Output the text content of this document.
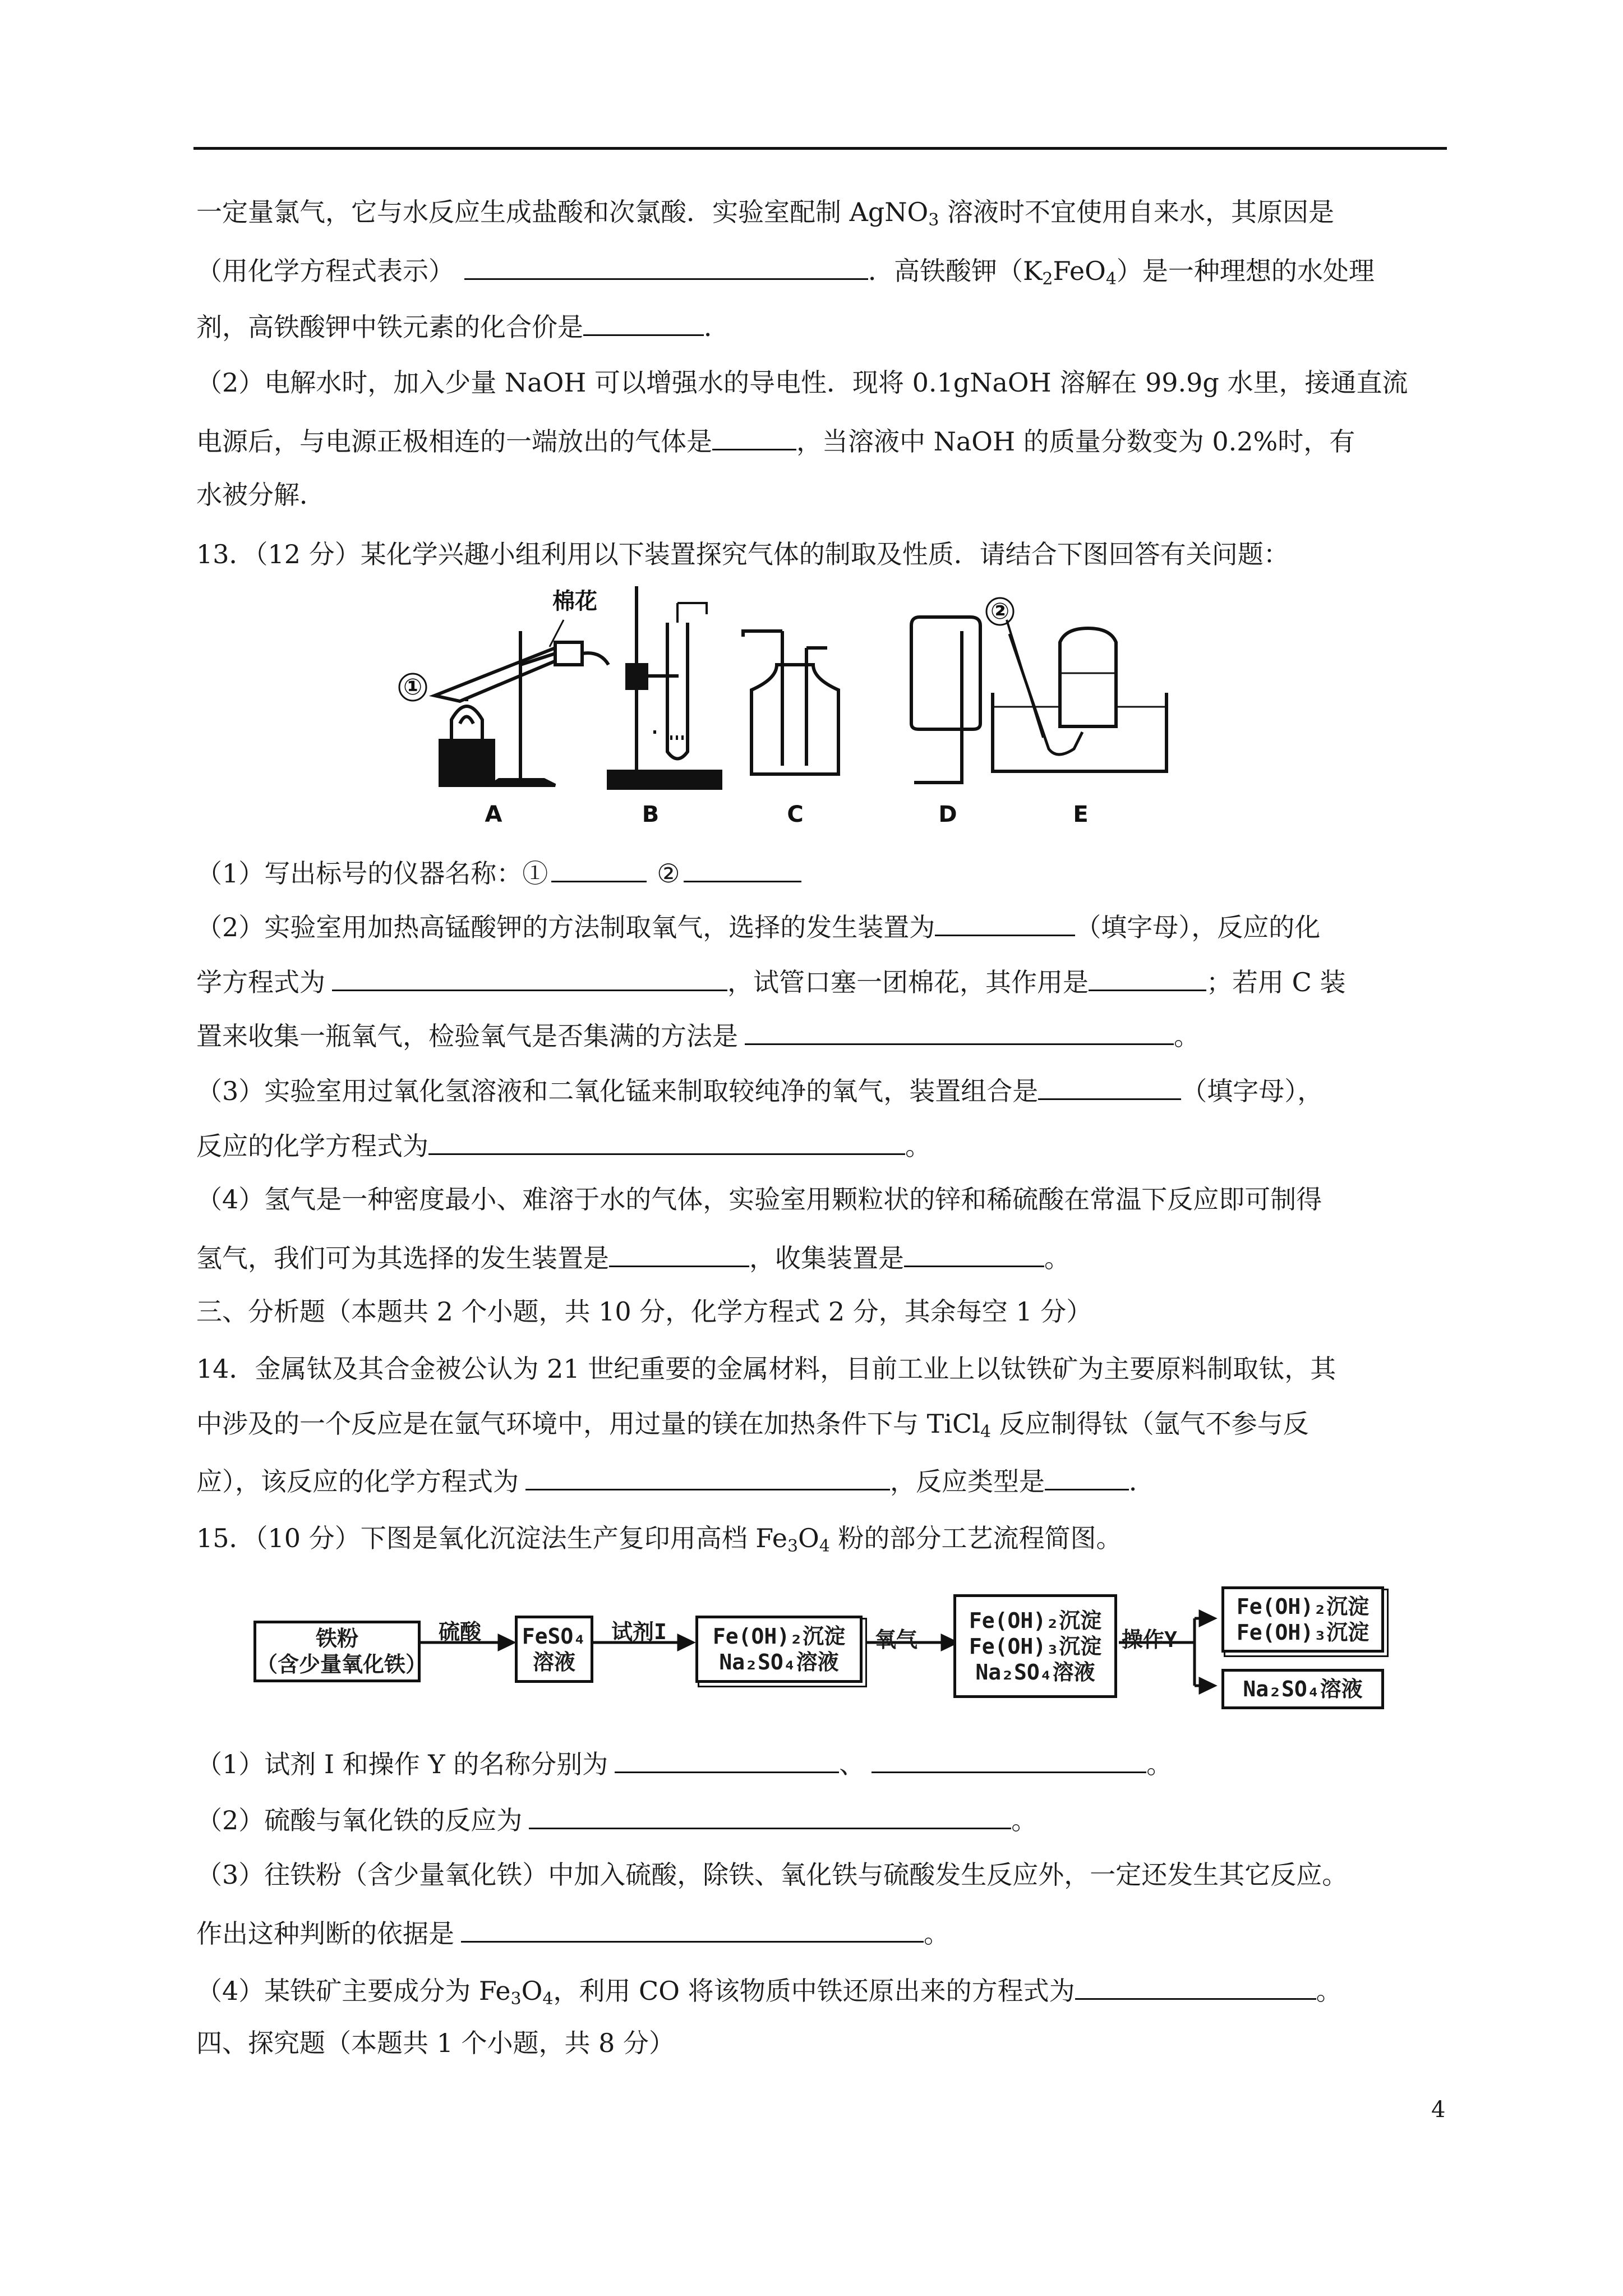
一定量氯气，它与水反应生成盐酸和次氯酸．实验室配制 AgNO$_3$ 溶液时不宜使用自来水，其原因是
（用化学方程式表示）	．高铁酸钾$(K_2FeO_4)$是一种理想的水处理
剂，高铁酸钾中铁元素的化合价是	．
（2）电解水时，加入少量 NaOH 可以增强水的导电性．现将 0.1gNaOH 溶解在 99.9g 水里，接通直流
电源后，与电源正极相连的一端放出的气体是	，当溶液中 NaOH 的质量分数变为 0.2%时，有
水被分解．
13．（12 分）某化学兴趣小组利用以下装置探究气体的制取及性质．请结合下图回答有关问题：
①
②
棉花
A	B	C	D	E
（1）写出标号的仪器名称：①	②
（2）实验室用加热高锰酸钾的方法制取氧气，选择的发生装置为	（填字母），反应的化
学方程式为	，试管口塞一团棉花，其作用是	；若用 C 装
置来收集一瓶氧气，检验氧气是否集满的方法是	。
（3）实验室用过氧化氢溶液和二氧化锰来制取较纯净的氧气，装置组合是	（填字母），
反应的化学方程式为	。
（4）氢气是一种密度最小、难溶于水的气体，实验室用颗粒状的锌和稀硫酸在常温下反应即可制得
氢气，我们可为其选择的发生装置是	，收集装置是	。
三、分析题（本题共 2 个小题，共 10 分，化学方程式 2 分，其余每空 1 分）
14．金属钛及其合金被公认为 21 世纪重要的金属材料，目前工业上以钛铁矿为主要原料制取钛，其
中涉及的一个反应是在氩气环境中，用过量的镁在加热条件下与 TiCl$_4$ 反应制得钛（氩气不参与反
应），该反应的化学方程式为	，反应类型是	．
15．（10 分）下图是氧化沉淀法生产复印用高档 $Fe_3O_4$ 粉的部分工艺流程简图。
铁粉
（含少量氧化铁）
硫酸 FeSO₄
溶液
试剂I	Fe(OH)₂沉淀
Na₂SO₄溶液
氧气
Fe(OH)₂沉淀
Fe(OH)₃沉淀
Na₂SO₄溶液
操作Y
Fe(OH)₂沉淀
Fe(OH)₃沉淀
Na₂SO₄溶液
（1）试剂 I 和操作 Y 的名称分别为	、	。
（2）硫酸与氧化铁的反应为	。
（3）往铁粉（含少量氧化铁）中加入硫酸，除铁、氧化铁与硫酸发生反应外，一定还发生其它反应。
作出这种判断的依据是	。
（4）某铁矿主要成分为 $Fe_3O_4$，利用 CO 将该物质中铁还原出来的方程式为	。
四、探究题（本题共 1 个小题，共 8 分）
4
